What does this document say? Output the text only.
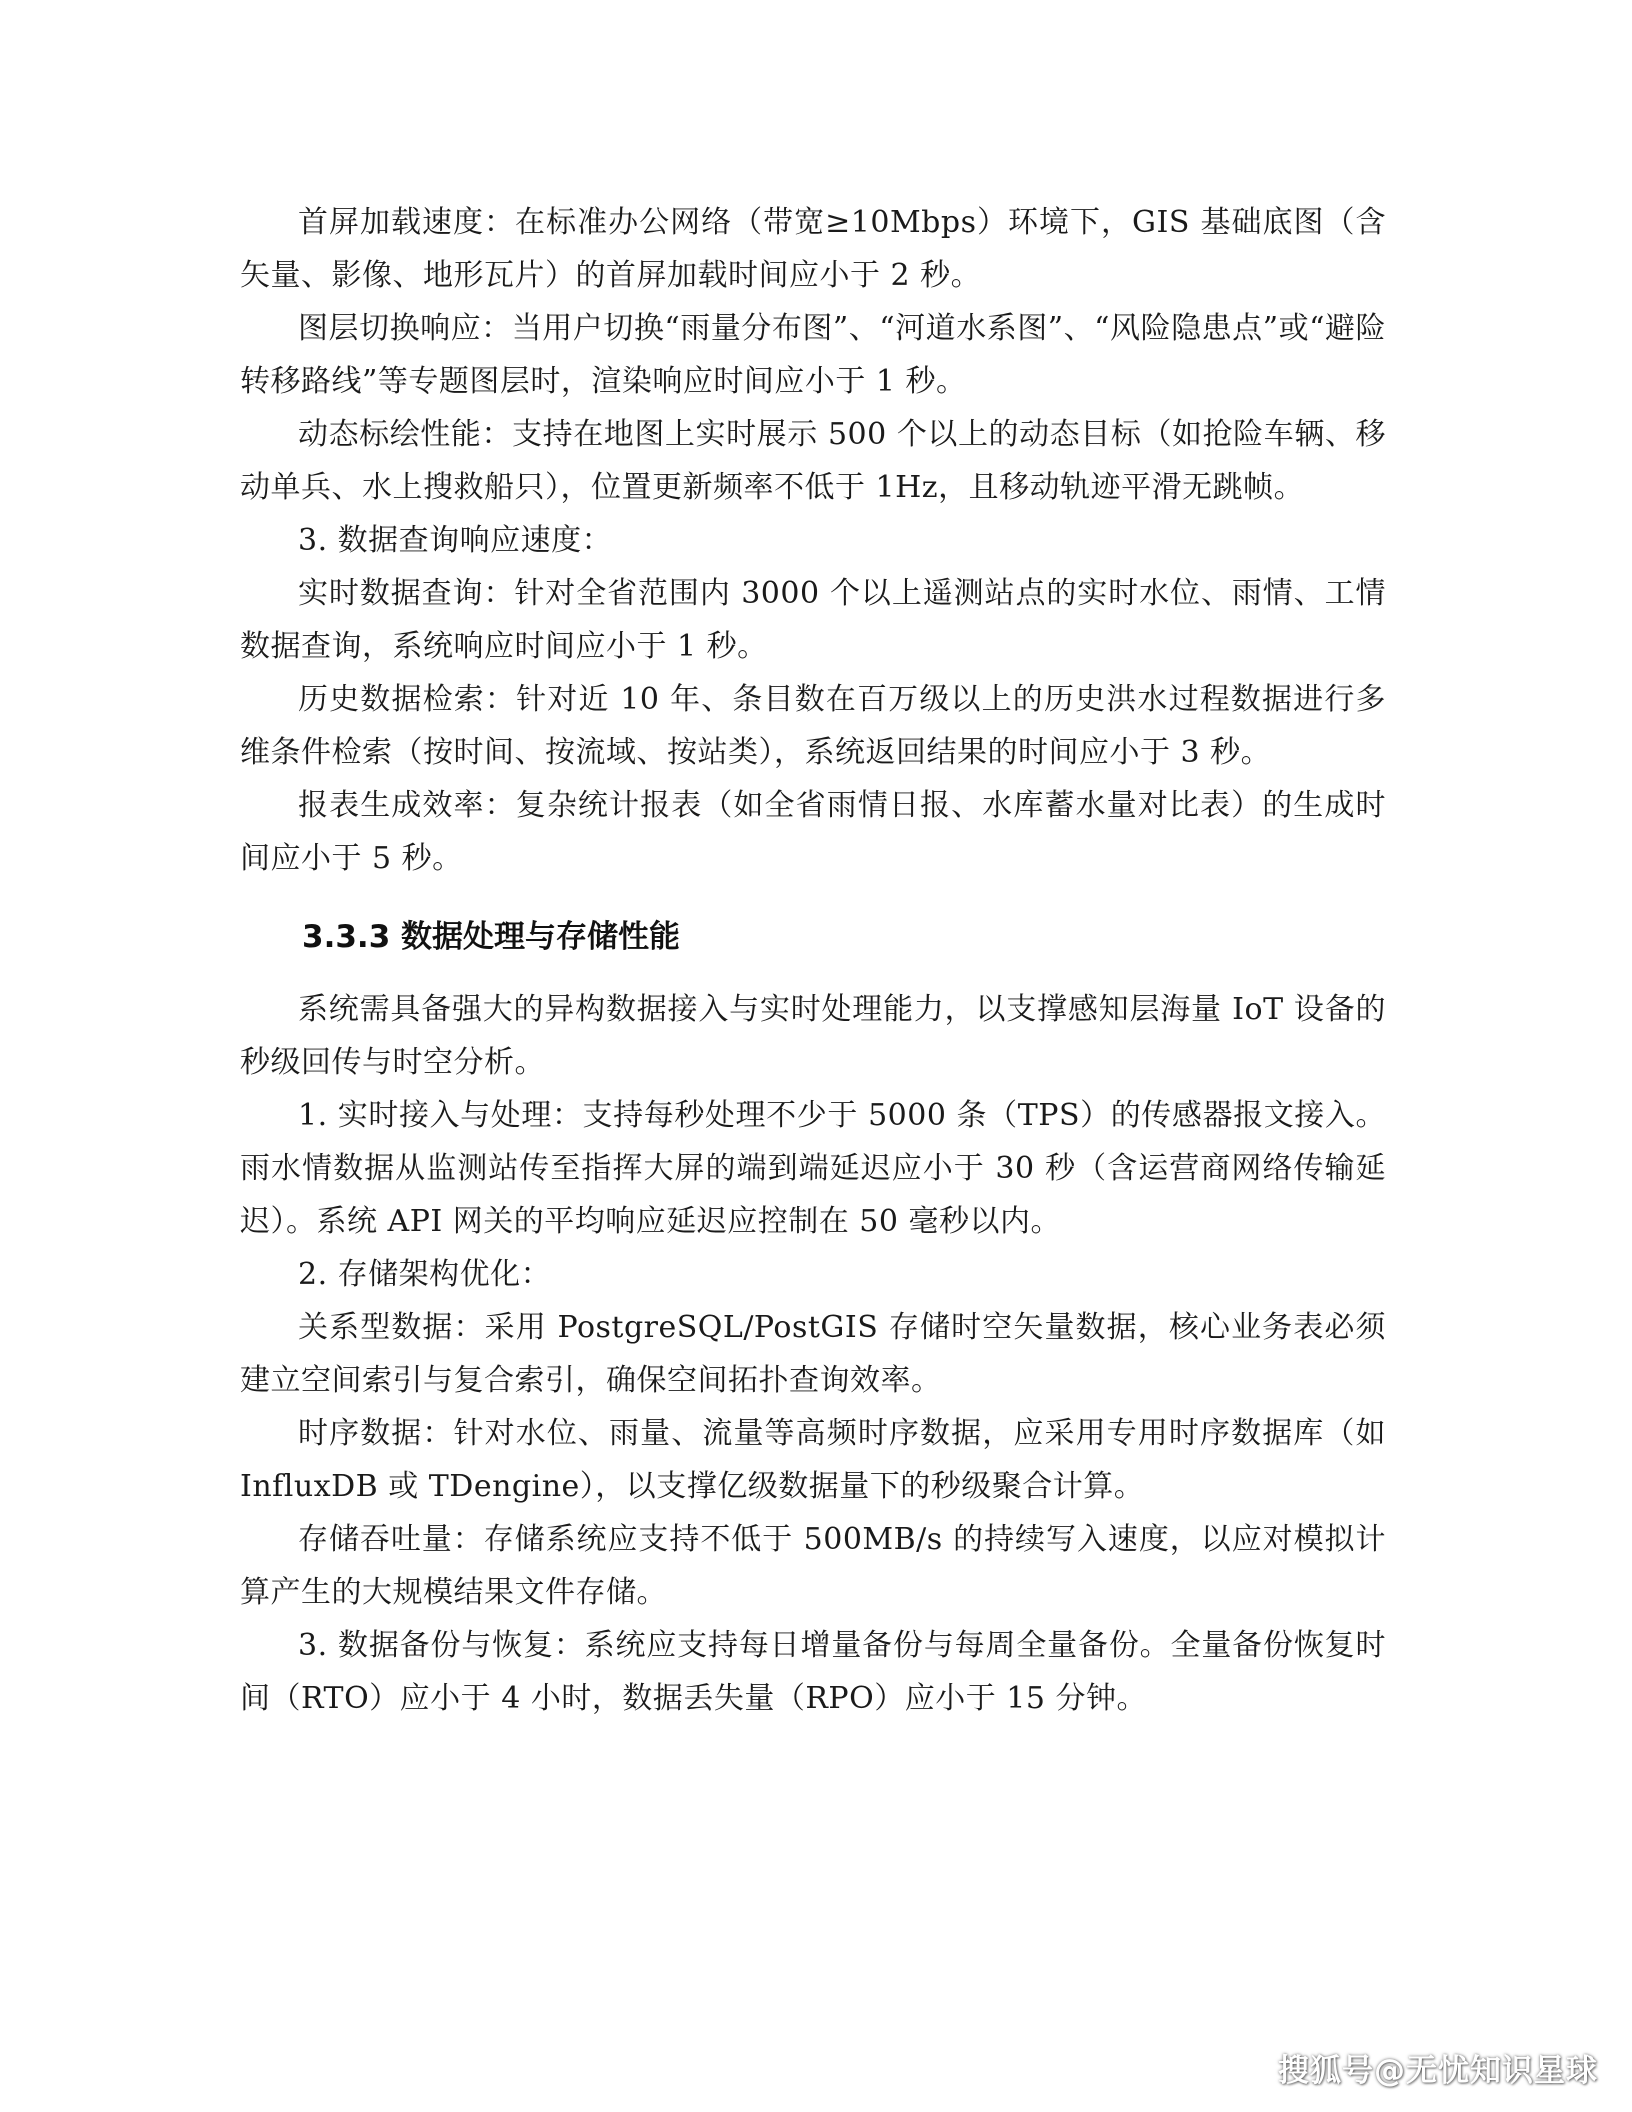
首屏加载速度：在标准办公网络（带宽≥10Mbps）环境下，GIS 基础底图（含矢量、影像、地形瓦片）的首屏加载时间应小于 2 秒。

图层切换响应：当用户切换“雨量分布图”、“河道水系图”、“风险隐患点”或“避险转移路线”等专题图层时，渲染响应时间应小于 1 秒。

动态标绘性能：支持在地图上实时展示 500 个以上的动态目标（如抢险车辆、移动单兵、水上搜救船只），位置更新频率不低于 1Hz，且移动轨迹平滑无跳帧。

3. 数据查询响应速度：

实时数据查询：针对全省范围内 3000 个以上遥测站点的实时水位、雨情、工情数据查询，系统响应时间应小于 1 秒。

历史数据检索：针对近 10 年、条目数在百万级以上的历史洪水过程数据进行多维条件检索（按时间、按流域、按站类），系统返回结果的时间应小于 3 秒。

报表生成效率：复杂统计报表（如全省雨情日报、水库蓄水量对比表）的生成时间应小于 5 秒。

3.3.3 数据处理与存储性能

系统需具备强大的异构数据接入与实时处理能力，以支撑感知层海量 IoT 设备的秒级回传与时空分析。

1. 实时接入与处理：支持每秒处理不少于 5000 条（TPS）的传感器报文接入。雨水情数据从监测站传至指挥大屏的端到端延迟应小于 30 秒（含运营商网络传输延迟）。系统 API 网关的平均响应延迟应控制在 50 毫秒以内。

2. 存储架构优化：

关系型数据：采用 PostgreSQL/PostGIS 存储时空矢量数据，核心业务表必须建立空间索引与复合索引，确保空间拓扑查询效率。

时序数据：针对水位、雨量、流量等高频时序数据，应采用专用时序数据库（如 InfluxDB 或 TDengine），以支撑亿级数据量下的秒级聚合计算。

存储吞吐量：存储系统应支持不低于 500MB/s 的持续写入速度，以应对模拟计算产生的大规模结果文件存储。

3. 数据备份与恢复：系统应支持每日增量备份与每周全量备份。全量备份恢复时间（RTO）应小于 4 小时，数据丢失量（RPO）应小于 15 分钟。

搜狐号@无忧知识星球
